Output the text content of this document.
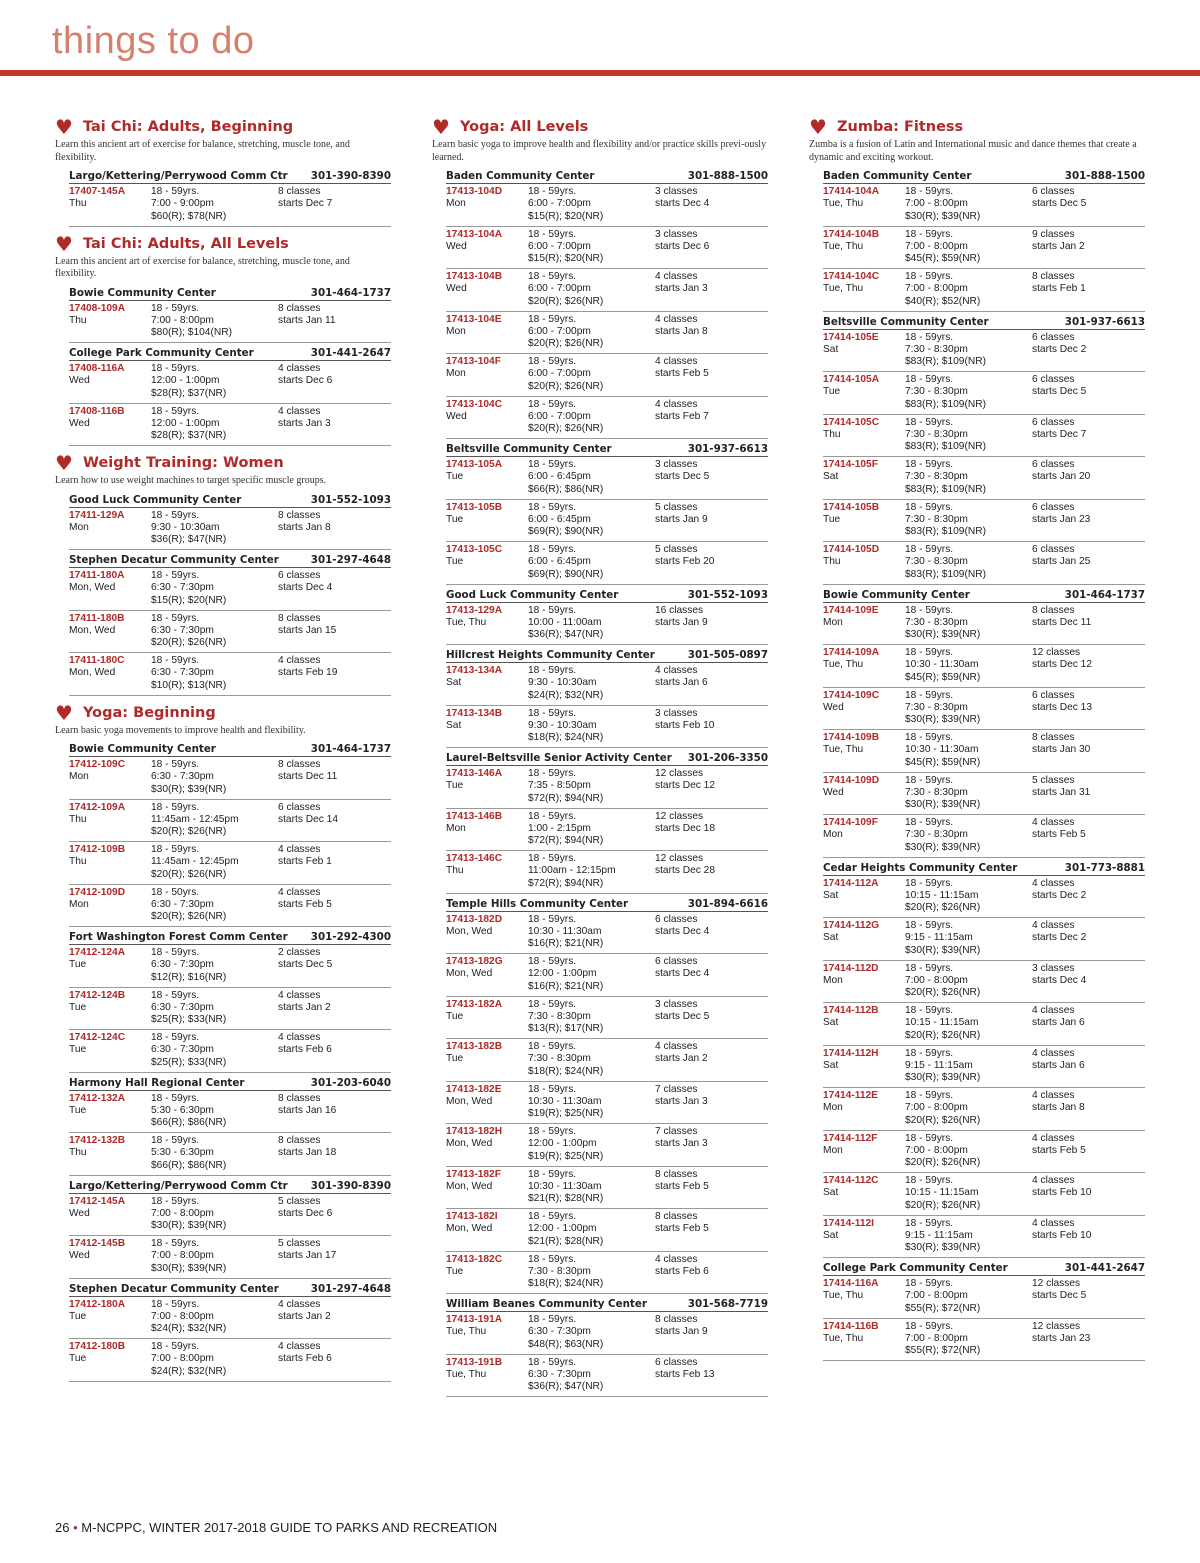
things to do
♥ Tai Chi: Adults, Beginning
Learn this ancient art of exercise for balance, stretching, muscle tone, and flexibility.
Largo/Kettering/Perrywood Comm Ctr 301-390-8390
17407-145A
Thu
18 - 59yrs.
7:00 - 9:00pm
$60(R); $78(NR)
8 classes
starts Dec 7
♥ Tai Chi: Adults, All Levels
Learn this ancient art of exercise for balance, stretching, muscle tone, and flexibility.
Bowie Community Center	301-464-1737
17408-109A
Thu
18 - 59yrs.
7:00 - 8:00pm
$80(R); $104(NR)
8 classes
starts Jan 11
College Park Community Center	301-441-2647
17408-116A
Wed
18 - 59yrs.
12:00 - 1:00pm
$28(R); $37(NR)
4 classes
starts Dec 6
17408-116B
Wed
18 - 59yrs.
12:00 - 1:00pm
$28(R); $37(NR)
4 classes
starts Jan 3
♥ Weight Training: Women
Learn how to use weight machines to target specific muscle groups.
Good Luck Community Center	301-552-1093
17411-129A
Mon
18 - 59yrs.
9:30 - 10:30am
$36(R); $47(NR)
8 classes
starts Jan 8
Stephen Decatur Community Center	301-297-4648
17411-180A
Mon, Wed
18 - 59yrs.
6:30 - 7:30pm
$15(R); $20(NR)
6 classes
starts Dec 4
17411-180B
Mon, Wed
18 - 59yrs.
6:30 - 7:30pm
$20(R); $26(NR)
8 classes
starts Jan 15
17411-180C
Mon, Wed
18 - 59yrs.
6:30 - 7:30pm
$10(R); $13(NR)
4 classes
starts Feb 19
♥ Yoga: Beginning
Learn basic yoga movements to improve health and flexibility.
Bowie Community Center	301-464-1737
17412-109C
Mon
18 - 59yrs.
6:30 - 7:30pm
$30(R); $39(NR)
8 classes
starts Dec 11
17412-109A
Thu
18 - 59yrs.
11:45am - 12:45pm
$20(R); $26(NR)
6 classes
starts Dec 14
17412-109B
Thu
18 - 59yrs.
11:45am - 12:45pm
$20(R); $26(NR)
4 classes
starts Feb 1
17412-109D
Mon
18 - 50yrs.
6:30 - 7:30pm
$20(R); $26(NR)
4 classes
starts Feb 5
Fort Washington Forest Comm Center 301-292-4300
17412-124A
Tue
18 - 59yrs.
6:30 - 7:30pm
$12(R); $16(NR)
2 classes
starts Dec 5
17412-124B
Tue
18 - 59yrs.
6:30 - 7:30pm
$25(R); $33(NR)
4 classes
starts Jan 2
17412-124C
Tue
18 - 59yrs.
6:30 - 7:30pm
$25(R); $33(NR)
4 classes
starts Feb 6
Harmony Hall Regional Center	301-203-6040
17412-132A
Tue
18 - 59yrs.
5:30 - 6:30pm
$66(R); $86(NR)
8 classes
starts Jan 16
17412-132B
Thu
18 - 59yrs.
5:30 - 6:30pm
$66(R); $86(NR)
8 classes
starts Jan 18
Largo/Kettering/Perrywood Comm Ctr 301-390-8390
17412-145A
Wed
18 - 59yrs.
7:00 - 8:00pm
$30(R); $39(NR)
5 classes
starts Dec 6
17412-145B
Wed
18 - 59yrs.
7:00 - 8:00pm
$30(R); $39(NR)
5 classes
starts Jan 17
Stephen Decatur Community Center	301-297-4648
17412-180A
Tue
18 - 59yrs.
7:00 - 8:00pm
$24(R); $32(NR)
4 classes
starts Jan 2
17412-180B
Tue
18 - 59yrs.
7:00 - 8:00pm
$24(R); $32(NR)
4 classes
starts Feb 6
♥ Yoga: All Levels
Learn basic yoga to improve health and flexibility and/or practice skills previ-ously learned.
Baden Community Center	301-888-1500
17413-104D
Mon
18 - 59yrs.
6:00 - 7:00pm
$15(R); $20(NR)
3 classes
starts Dec 4
17413-104A
Wed
18 - 59yrs.
6:00 - 7:00pm
$15(R); $20(NR)
3 classes
starts Dec 6
17413-104B
Wed
18 - 59yrs.
6:00 - 7:00pm
$20(R); $26(NR)
4 classes
starts Jan 3
17413-104E
Mon
18 - 59yrs.
6:00 - 7:00pm
$20(R); $26(NR)
4 classes
starts Jan 8
17413-104F
Mon
18 - 59yrs.
6:00 - 7:00pm
$20(R); $26(NR)
4 classes
starts Feb 5
17413-104C
Wed
18 - 59yrs.
6:00 - 7:00pm
$20(R); $26(NR)
4 classes
starts Feb 7
Beltsville Community Center	301-937-6613
17413-105A
Tue
18 - 59yrs.
6:00 - 6:45pm
$66(R); $86(NR)
3 classes
starts Dec 5
17413-105B
Tue
18 - 59yrs.
6:00 - 6:45pm
$69(R); $90(NR)
5 classes
starts Jan 9
17413-105C
Tue
18 - 59yrs.
6:00 - 6:45pm
$69(R); $90(NR)
5 classes
starts Feb 20
Good Luck Community Center	301-552-1093
17413-129A
Tue, Thu
18 - 59yrs.
10:00 - 11:00am
$36(R); $47(NR)
16 classes
starts Jan 9
Hillcrest Heights Community Center	301-505-0897
17413-134A
Sat
18 - 59yrs.
9:30 - 10:30am
$24(R); $32(NR)
4 classes
starts Jan 6
17413-134B
Sat
18 - 59yrs.
9:30 - 10:30am
$18(R); $24(NR)
3 classes
starts Feb 10
Laurel-Beltsville Senior Activity Center 301-206-3350
17413-146A
Tue
18 - 59yrs.
7:35 - 8:50pm
$72(R); $94(NR)
12 classes
starts Dec 12
17413-146B
Mon
18 - 59yrs.
1:00 - 2:15pm
$72(R); $94(NR)
12 classes
starts Dec 18
17413-146C
Thu
18 - 59yrs.
11:00am - 12:15pm
$72(R); $94(NR)
12 classes
starts Dec 28
Temple Hills Community Center	301-894-6616
17413-182D
Mon, Wed
18 - 59yrs.
10:30 - 11:30am
$16(R); $21(NR)
6 classes
starts Dec 4
17413-182G
Mon, Wed
18 - 59yrs.
12:00 - 1:00pm
$16(R); $21(NR)
6 classes
starts Dec 4
17413-182A
Tue
18 - 59yrs.
7:30 - 8:30pm
$13(R); $17(NR)
3 classes
starts Dec 5
17413-182B
Tue
18 - 59yrs.
7:30 - 8:30pm
$18(R); $24(NR)
4 classes
starts Jan 2
17413-182E
Mon, Wed
18 - 59yrs.
10:30 - 11:30am
$19(R); $25(NR)
7 classes
starts Jan 3
17413-182H
Mon, Wed
18 - 59yrs.
12:00 - 1:00pm
$19(R); $25(NR)
7 classes
starts Jan 3
17413-182F
Mon, Wed
18 - 59yrs.
10:30 - 11:30am
$21(R); $28(NR)
8 classes
starts Feb 5
17413-182I
Mon, Wed
18 - 59yrs.
12:00 - 1:00pm
$21(R); $28(NR)
8 classes
starts Feb 5
17413-182C
Tue
18 - 59yrs.
7:30 - 8:30pm
$18(R); $24(NR)
4 classes
starts Feb 6
William Beanes Community Center	301-568-7719
17413-191A
Tue, Thu
18 - 59yrs.
6:30 - 7:30pm
$48(R); $63(NR)
8 classes
starts Jan 9
17413-191B
Tue, Thu
18 - 59yrs.
6:30 - 7:30pm
$36(R); $47(NR)
6 classes
starts Feb 13
♥ Zumba: Fitness
Zumba is a fusion of Latin and International music and dance themes that create a dynamic and exciting workout.
Baden Community Center	301-888-1500
17414-104A
Tue, Thu
18 - 59yrs.
7:00 - 8:00pm
$30(R); $39(NR)
6 classes
starts Dec 5
17414-104B
Tue, Thu
18 - 59yrs.
7:00 - 8:00pm
$45(R); $59(NR)
9 classes
starts Jan 2
17414-104C
Tue, Thu
18 - 59yrs.
7:00 - 8:00pm
$40(R); $52(NR)
8 classes
starts Feb 1
Beltsville Community Center	301-937-6613
17414-105E
Sat
18 - 59yrs.
7:30 - 8:30pm
$83(R); $109(NR)
6 classes
starts Dec 2
17414-105A
Tue
18 - 59yrs.
7:30 - 8:30pm
$83(R); $109(NR)
6 classes
starts Dec 5
17414-105C
Thu
18 - 59yrs.
7:30 - 8:30pm
$83(R); $109(NR)
6 classes
starts Dec 7
17414-105F
Sat
18 - 59yrs.
7:30 - 8:30pm
$83(R); $109(NR)
6 classes
starts Jan 20
17414-105B
Tue
18 - 59yrs.
7:30 - 8:30pm
$83(R); $109(NR)
6 classes
starts Jan 23
17414-105D
Thu
18 - 59yrs.
7:30 - 8:30pm
$83(R); $109(NR)
6 classes
starts Jan 25
Bowie Community Center	301-464-1737
17414-109E
Mon
18 - 59yrs.
7:30 - 8:30pm
$30(R); $39(NR)
8 classes
starts Dec 11
17414-109A
Tue, Thu
18 - 59yrs.
10:30 - 11:30am
$45(R); $59(NR)
12 classes
starts Dec 12
17414-109C
Wed
18 - 59yrs.
7:30 - 8:30pm
$30(R); $39(NR)
6 classes
starts Dec 13
17414-109B
Tue, Thu
18 - 59yrs.
10:30 - 11:30am
$45(R); $59(NR)
8 classes
starts Jan 30
17414-109D
Wed
18 - 59yrs.
7:30 - 8:30pm
$30(R); $39(NR)
5 classes
starts Jan 31
17414-109F
Mon
18 - 59yrs.
7:30 - 8:30pm
$30(R); $39(NR)
4 classes
starts Feb 5
Cedar Heights Community Center	301-773-8881
17414-112A
Sat
18 - 59yrs.
10:15 - 11:15am
$20(R); $26(NR)
4 classes
starts Dec 2
17414-112G
Sat
18 - 59yrs.
9:15 - 11:15am
$30(R); $39(NR)
4 classes
starts Dec 2
17414-112D
Mon
18 - 59yrs.
7:00 - 8:00pm
$20(R); $26(NR)
3 classes
starts Dec 4
17414-112B
Sat
18 - 59yrs.
10:15 - 11:15am
$20(R); $26(NR)
4 classes
starts Jan 6
17414-112H
Sat
18 - 59yrs.
9:15 - 11:15am
$30(R); $39(NR)
4 classes
starts Jan 6
17414-112E
Mon
18 - 59yrs.
7:00 - 8:00pm
$20(R); $26(NR)
4 classes
starts Jan 8
17414-112F
Mon
18 - 59yrs.
7:00 - 8:00pm
$20(R); $26(NR)
4 classes
starts Feb 5
17414-112C
Sat
18 - 59yrs.
10:15 - 11:15am
$20(R); $26(NR)
4 classes
starts Feb 10
17414-112I
Sat
18 - 59yrs.
9:15 - 11:15am
$30(R); $39(NR)
4 classes
starts Feb 10
College Park Community Center	301-441-2647
17414-116A
Tue, Thu
18 - 59yrs.
7:00 - 8:00pm
$55(R); $72(NR)
12 classes
starts Dec 5
17414-116B
Tue, Thu
18 - 59yrs.
7:00 - 8:00pm
$55(R); $72(NR)
12 classes
starts Jan 23
26 • M-NCPPC, WINTER 2017-2018 GUIDE TO PARKS AND RECREATION
